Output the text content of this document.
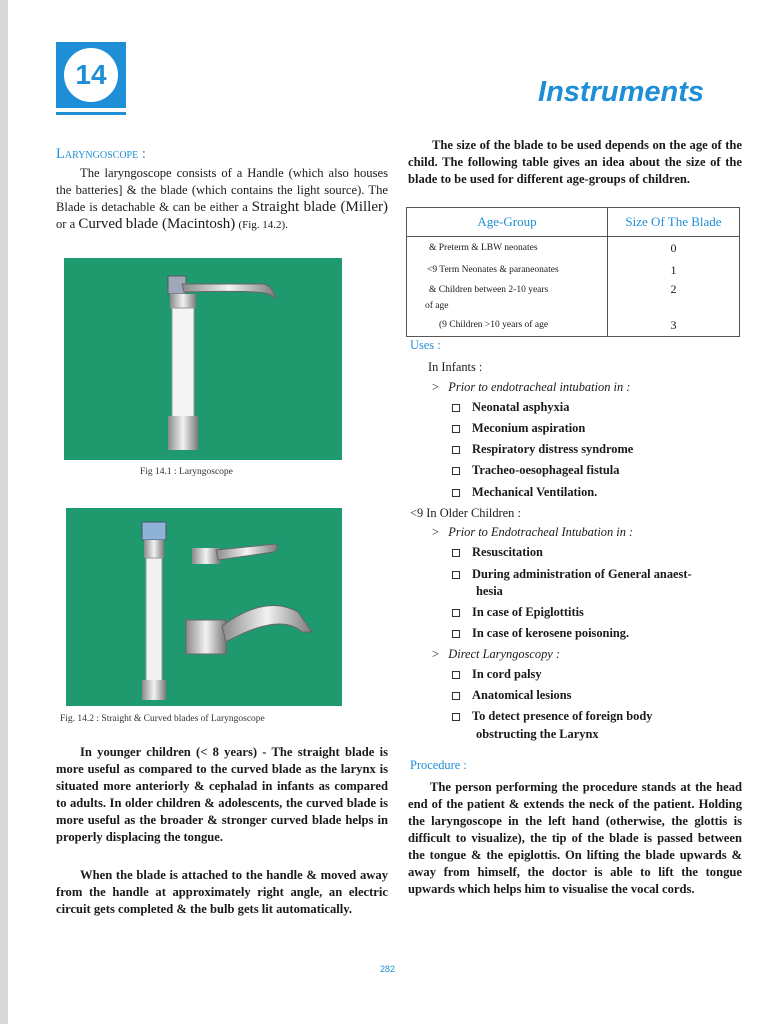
14
Instruments
Laryngoscope :

The laryngoscope consists of a Handle (which also houses the batteries] & the blade (which contains the light source). The Blade is detachable & can be either a Straight blade (Miller) or a Curved blade (Macintosh) (Fig. 14.2).

Fig 14.1 : Laryngoscope
Fig. 14.2 : Straight & Curved blades of Laryngoscope

In younger children (< 8 years) - The straight blade is more useful as compared to the curved blade as the larynx is situated more anteriorly & cephalad in infants as compared to adults. In older children & adolescents, the curved blade is more useful as the broader & stronger curved blade helps in properly displacing the tongue.

When the blade is attached to the handle & moved away from the handle at approximately right angle, an electric circuit gets completed & the bulb gets lit automatically.

The size of the blade to be used depends on the age of the child. The following table gives an idea about the size of the blade to be used for different age-groups of children.

Age-Group	Size Of The Blade
& Preterm & LBW neonates	0
<9 Term Neonates & paraneonates	1
& Children between 2-10 years	2
of age	
(9 Children >10 years of age	3
Uses :
In Infants :
> Prior to endotracheal intubation in :
Neonatal asphyxia
Meconium aspiration
Respiratory distress syndrome
Tracheo-oesophageal fistula
Mechanical Ventilation.
<9 In Older Children :
> Prior to Endotracheal Intubation in :
Resuscitation
During administration of General anaest-
hesia
In case of Epiglottitis
In case of kerosene poisoning.
> Direct Laryngoscopy :
In cord palsy
Anatomical lesions
To detect presence of foreign body
obstructing the Larynx
Procedure :

The person performing the procedure stands at the head end of the patient & extends the neck of the patient. Holding the laryngoscope in the left hand (otherwise, the glottis is difficult to visualize), the tip of the blade is passed between the tongue & the epiglottis. On lifting the blade upwards & away from himself, the doctor is able to lift the tongue upwards which helps him to visualise the vocal cords.

282
